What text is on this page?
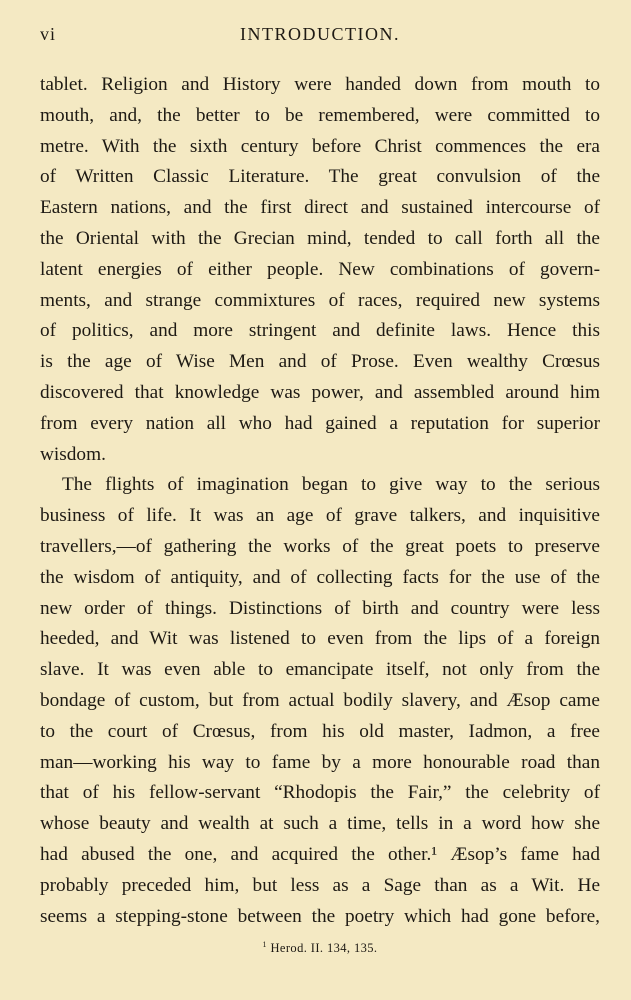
vi	INTRODUCTION.
tablet. Religion and History were handed down from mouth to
mouth, and, the better to be remembered, were committed to
metre. With the sixth century before Christ commences the era
of Written Classic Literature. The great convulsion of the
Eastern nations, and the first direct and sustained intercourse of
the Oriental with the Grecian mind, tended to call forth all the
latent energies of either people. New combinations of govern-
ments, and strange commixtures of races, required new systems
of politics, and more stringent and definite laws. Hence this
is the age of Wise Men and of Prose. Even wealthy Crœsus
discovered that knowledge was power, and assembled around him
from every nation all who had gained a reputation for superior
wisdom.
The flights of imagination began to give way to the serious
business of life. It was an age of grave talkers, and inquisitive
travellers,—of gathering the works of the great poets to preserve
the wisdom of antiquity, and of collecting facts for the use of the
new order of things. Distinctions of birth and country were less
heeded, and Wit was listened to even from the lips of a foreign
slave. It was even able to emancipate itself, not only from the
bondage of custom, but from actual bodily slavery, and Æsop came
to the court of Crœsus, from his old master, Iadmon, a free
man—working his way to fame by a more honourable road than
that of his fellow-servant “Rhodopis the Fair,” the celebrity of
whose beauty and wealth at such a time, tells in a word how she
had abused the one, and acquired the other.¹ Æsop’s fame had
probably preceded him, but less as a Sage than as a Wit. He
seems a stepping-stone between the poetry which had gone before,
$^1$ Herod. II. 134, 135.
